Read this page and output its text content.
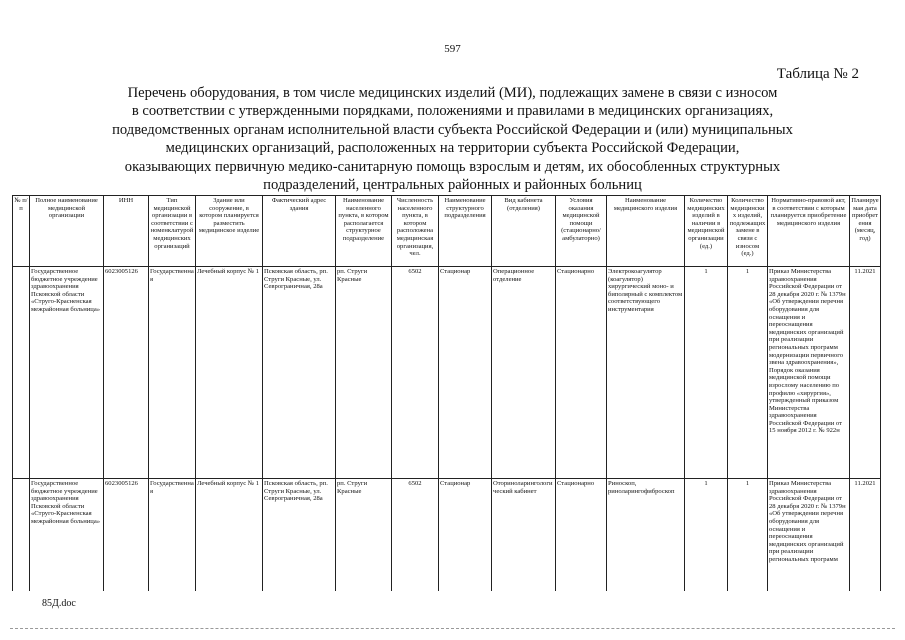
597
Таблица № 2
Перечень оборудования, в том числе медицинских изделий (МИ), подлежащих замене в связи с износом
в соответствии с утвержденными порядками, положениями и правилами в медицинских организациях,
подведомственных органам исполнительной власти субъекта Российской Федерации и (или) муниципальных
медицинских организаций, расположенных на территории субъекта Российской Федерации,
оказывающих первичную медико-санитарную помощь взрослым и детям, их обособленных структурных
подразделений, центральных районных и районных больниц
№ п/п	Полное наименование медицинской организации	ИНН	Тип медицинской организации в соответствии с номенклатурой медицинских организаций	Здание или сооружение, в котором планируется разместить медицинское изделие	Фактический адрес здания	Наименование населенного пункта, в котором располагается структурное подразделение	Численность населенного пункта, в котором расположена медицинская организация, чел.	Наименование структурного подразделения	Вид кабинета (отделения)	Условия оказания медицинской помощи (стационарно/амбулаторно)	Наименование медицинского изделия	Количество медицинских изделий в наличии в медицинской организации (ед.)	Количество медицинских изделий, подлежащих замене в связи с износом (ед.)	Нормативно-правовой акт, в соответствии с которым планируется приобретение медицинского изделия	Планируемая дата приобретения (месяц, год)
	Государственное бюджетное учреждение здравоохранения Псковской области «Струго-Красненская межрайонная больница»	6023005126	Государственная	Лечебный корпус № 1	Псковская область, рп. Струги Красные, ул. Севрограничная, 28а	рп. Струги Красные	6502	Стационар	Операционное отделение	Стационарно	Электрокоагулятор (коагулятор) хирургический моно- и биполярный с комплектом соответствующего инструментария	1	1	Приказ Министерства здравоохранения Российской Федерации от 28 декабря 2020 г. № 1379н «Об утверждении перечня оборудования для оснащения и переоснащения медицинских организаций при реализации региональных программ модернизации первичного звена здравоохранения», Порядок оказания медицинской помощи взрослому населению по профилю «хирургия», утвержденный приказом Министерства здравоохранения Российской Федерации от 15 ноября 2012 г. № 922н	11.2021
	Государственное бюджетное учреждение здравоохранения Псковской области «Струго-Красненская межрайонная больница»	6023005126	Государственная	Лечебный корпус № 1	Псковская область, рп. Струги Красные, ул. Севрограничная, 28а	рп. Струги Красные	6502	Стационар	Оториноларингологический кабинет	Стационарно	Риноскоп, риноларингофиброскоп	1	1	Приказ Министерства здравоохранения Российской Федерации от 28 декабря 2020 г. № 1379н «Об утверждении перечня оборудования для оснащения и переоснащения медицинских организаций при реализации региональных программ	11.2021
85Д.doc
